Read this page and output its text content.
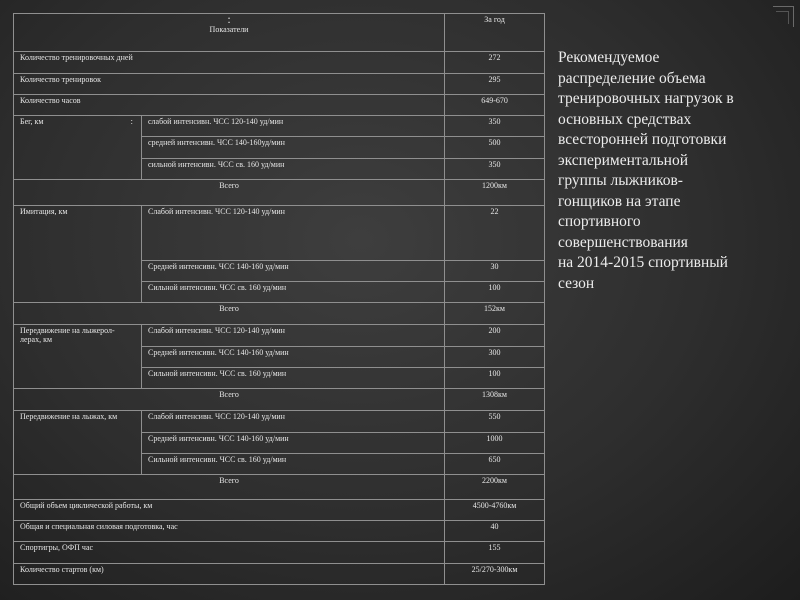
:
Показатели			За год
Количество тренировочных дней			272
Количество тренировок			295
Количество часов			649-670
Бег, км	:	слабой интенсивн. ЧСС 120-140 уд/мин	350
		средней интенсивн. ЧСС 140-160уд/мин	500
		сильной интенсивн. ЧСС св. 160 уд/мин	350
Всего			1200км
Имитация, км		Слабой интенсивн. ЧСС 120-140 уд/мин	22
		Средней интенсивн. ЧСС 140-160 уд/мин	30
		Сильной интенсивн. ЧСС св. 160 уд/мин	100
Всего			152км
Передвижение на лыжерол-
лерах, км		Слабой интенсивн. ЧСС 120-140 уд/мин	200
		Средней интенсивн. ЧСС 140-160 уд/мин	300
		Сильной интенсивн. ЧСС св. 160 уд/мин	100
Всего			1308км
Передвижение на лыжах, км		Слабой интенсивн. ЧСС 120-140 уд/мин	550
		Средней интенсивн. ЧСС 140-160 уд/мин	1000
		Сильной интенсивн. ЧСС св. 160 уд/мин	650
Всего			2200км
Общий объем циклической работы, км			4500-4760км
Общая и специальная силовая подготовка, час			40
Спортигры, ОФП час			155
Количество стартов (км)			25/270-300км
Рекомендуемое
распределение объема
тренировочных нагрузок в
основных средствах
всесторонней подготовки
экспериментальной
группы лыжников-
гонщиков на этапе
спортивного
совершенствования
на 2014-2015 спортивный
сезон
